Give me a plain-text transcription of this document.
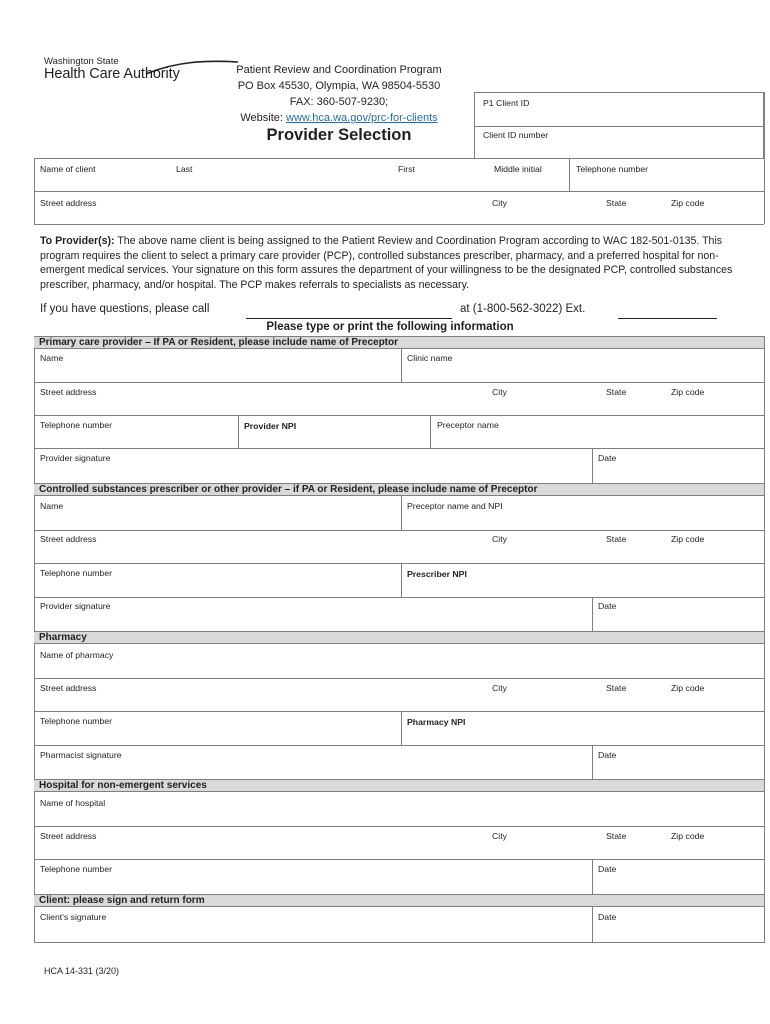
Washington State
Health Care Authority	Patient Review and Coordination Program
PO Box 45530, Olympia, WA 98504-5530
FAX: 360-507-9230;
Website: www.hca.wa.gov/prc-for-clients
Provider Selection
P1 Client ID
Client ID number
Name of client	Last	First	Middle initial	Telephone number
Street address	City	State	Zip code
To Provider(s): The above name client is being assigned to the Patient Review and Coordination Program according to WAC 182-501-0135. This program requires the client to select a primary care provider (PCP), controlled substances prescriber, pharmacy, and a preferred hospital for non-emergent medical services. Your signature on this form assures the department of your willingness to be the designated PCP, controlled substances prescriber, pharmacy, and/or hospital. The PCP makes referrals to specialists as necessary.
If you have questions, please call	at (1-800-562-3022) Ext.
Please type or print the following information
Primary care provider – If PA or Resident, please include name of Preceptor
Name	Clinic name
Street address	City	State	Zip code
Telephone number	Provider NPI	Preceptor name
Provider signature	Date
Controlled substances prescriber or other provider – if PA or Resident, please include name of Preceptor
Name	Preceptor name and NPI
Street address	City	State	Zip code
Telephone number	Prescriber NPI
Provider signature	Date
Pharmacy
Name of pharmacy
Street address	City	State	Zip code
Telephone number	Pharmacy NPI
Pharmacist signature	Date
Hospital for non-emergent services
Name of hospital
Street address	City	State	Zip code
Telephone number	Date
Client: please sign and return form
Client's signature	Date
HCA 14-331 (3/20)
